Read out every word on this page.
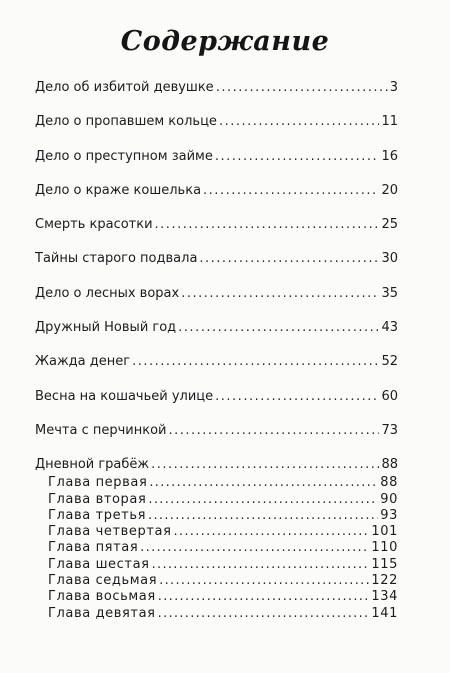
Содержание
Дело об избитой девушке .....	3
Дело о пропавшем кольце .....	11
Дело о преступном займе .....	16
Дело о краже кошелька .....	20
Смерть красотки .....	25
Тайны старого подвала .....	30
Дело о лесных ворах .....	35
Дружный Новый год .....	43
Жажда денег .....	52
Весна на кошачьей улице .....	60
Мечта с перчинкой .....	73
Дневной грабёж .....	88
Глава первая .....	88
Глава вторая .....	90
Глава третья .....	93
Глава четвертая .....	101
Глава пятая .....	110
Глава шестая .....	115
Глава седьмая .....	122
Глава восьмая .....	134
Глава девятая .....	141
